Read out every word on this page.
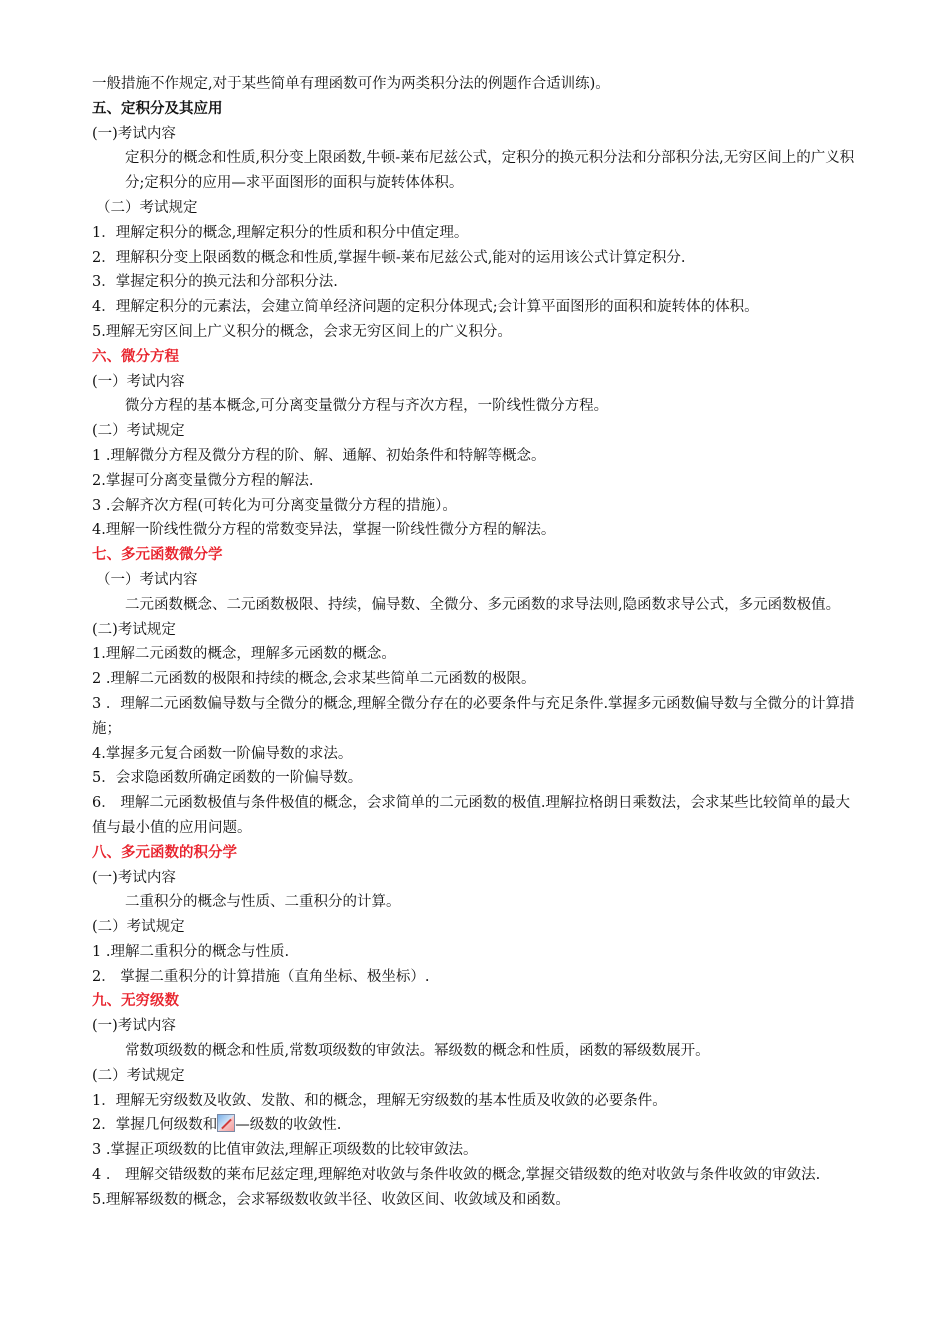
一般措施不作规定,对于某些简单有理函数可作为两类积分法的例题作合适训练)。
五、定积分及其应用
(一)考试内容
定积分的概念和性质,积分变上限函数,牛顿-莱布尼兹公式，定积分的换元积分法和分部积分法,无穷区间上的广义积分;定积分的应用—求平面图形的面积与旋转体体积。
（二）考试规定
1．理解定积分的概念,理解定积分的性质和积分中值定理。
2．理解积分变上限函数的概念和性质,掌握牛顿-莱布尼兹公式,能对的运用该公式计算定积分.
3．掌握定积分的换元法和分部积分法.
4．理解定积分的元素法，会建立简单经济问题的定积分体现式;会计算平面图形的面积和旋转体的体积。
5.理解无穷区间上广义积分的概念，会求无穷区间上的广义积分。
六、微分方程
(一）考试内容
微分方程的基本概念,可分离变量微分方程与齐次方程，一阶线性微分方程。
(二）考试规定
1 .理解微分方程及微分方程的阶、解、通解、初始条件和特解等概念。
2.掌握可分离变量微分方程的解法.
3 .会解齐次方程(可转化为可分离变量微分方程的措施）。
4.理解一阶线性微分方程的常数变异法，掌握一阶线性微分方程的解法。
七、多元函数微分学
（一）考试内容
二元函数概念、二元函数极限、持续，偏导数、全微分、多元函数的求导法则,隐函数求导公式，多元函数极值。
(二)考试规定
1.理解二元函数的概念，理解多元函数的概念。
2 .理解二元函数的极限和持续的概念,会求某些简单二元函数的极限。
3 ．理解二元函数偏导数与全微分的概念,理解全微分存在的必要条件与充足条件.掌握多元函数偏导数与全微分的计算措施；
4.掌握多元复合函数一阶偏导数的求法。
5．会求隐函数所确定函数的一阶偏导数。
6． 理解二元函数极值与条件极值的概念，会求简单的二元函数的极值.理解拉格朗日乘数法，会求某些比较简单的最大值与最小值的应用问题。
八、多元函数的积分学
(一)考试内容
二重积分的概念与性质、二重积分的计算。
(二）考试规定
1 .理解二重积分的概念与性质.
2． 掌握二重积分的计算措施（直角坐标、极坐标）.
九、无穷级数
(一)考试内容
常数项级数的概念和性质,常数项级数的审敛法。幂级数的概念和性质，函数的幂级数展开。
(二）考试规定
1．理解无穷级数及收敛、发散、和的概念，理解无穷级数的基本性质及收敛的必要条件。
2．掌握几何级数和 —级数的收敛性.
3 .掌握正项级数的比值审敛法,理解正项级数的比较审敛法。
4 ． 理解交错级数的莱布尼兹定理,理解绝对收敛与条件收敛的概念,掌握交错级数的绝对收敛与条件收敛的审敛法.
5.理解幂级数的概念，会求幂级数收敛半径、收敛区间、收敛域及和函数。
